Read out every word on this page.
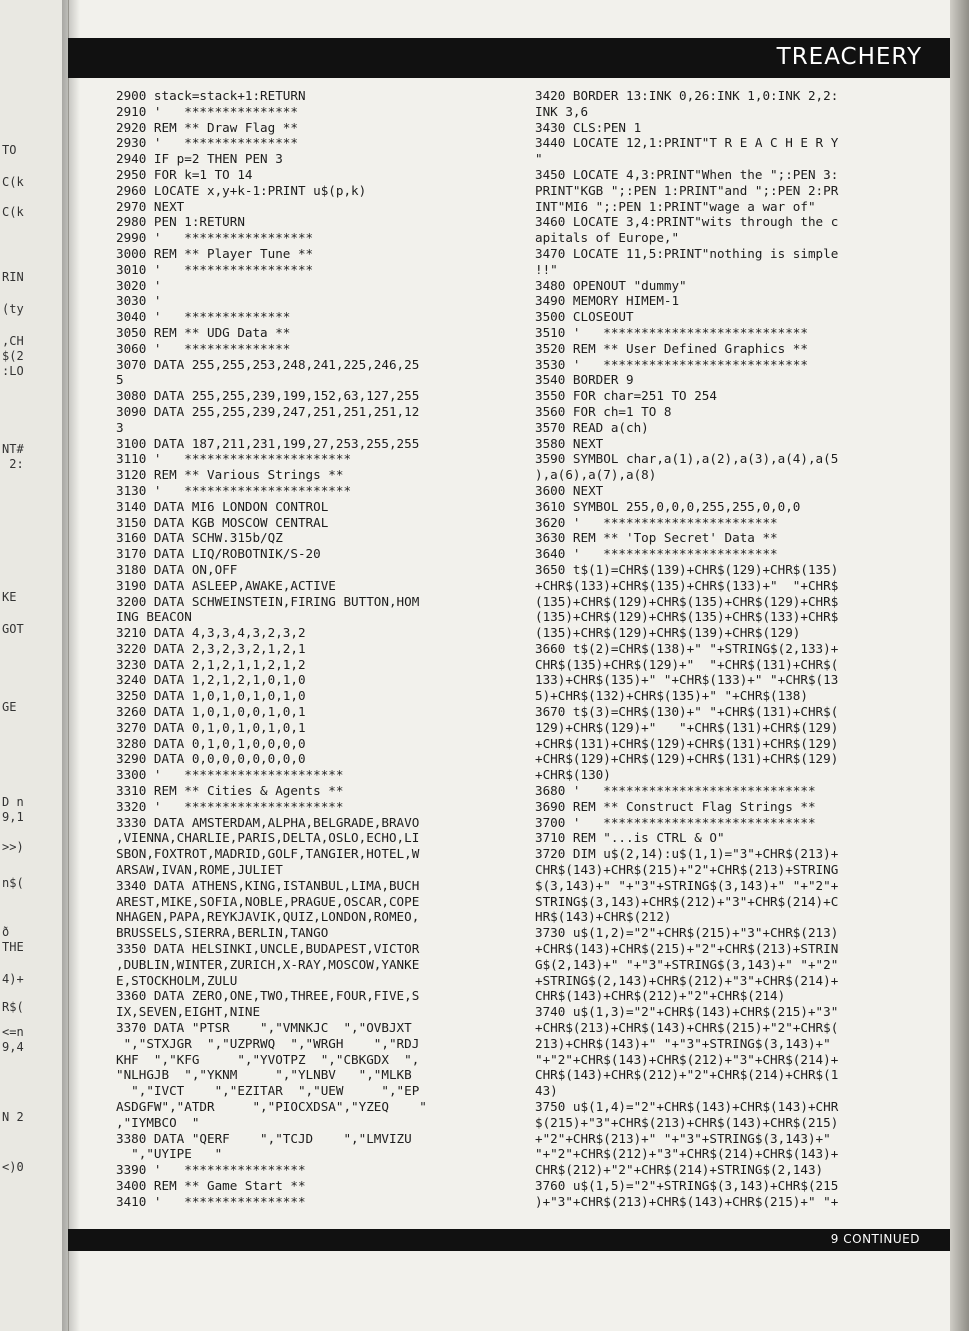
TO
C(k
C(k
RIN
(ty
,CH
$(2
:LO
NT#
2:
KE
GOT
GE
D n
9,1
>>)
n$(
ð
THE
4)+
R$(
<=n
9,4
N 2
<)0
TREACHERY
2900 stack=stack+1:RETURN
2910 '   ***************
2920 REM ** Draw Flag **
2930 '   ***************
2940 IF p=2 THEN PEN 3
2950 FOR k=1 TO 14
2960 LOCATE x,y+k-1:PRINT u$(p,k)
2970 NEXT
2980 PEN 1:RETURN
2990 '   *****************
3000 REM ** Player Tune **
3010 '   *****************
3020 '
3030 '
3040 '   **************
3050 REM ** UDG Data **
3060 '   **************
3070 DATA 255,255,253,248,241,225,246,25
5
3080 DATA 255,255,239,199,152,63,127,255
3090 DATA 255,255,239,247,251,251,251,12
3
3100 DATA 187,211,231,199,27,253,255,255
3110 '   **********************
3120 REM ** Various Strings **
3130 '   **********************
3140 DATA MI6 LONDON CONTROL
3150 DATA KGB MOSCOW CENTRAL
3160 DATA SCHW.315b/QZ
3170 DATA LIQ/ROBOTNIK/S-20
3180 DATA ON,OFF
3190 DATA ASLEEP,AWAKE,ACTIVE
3200 DATA SCHWEINSTEIN,FIRING BUTTON,HOM
ING BEACON
3210 DATA 4,3,3,4,3,2,3,2
3220 DATA 2,3,2,3,2,1,2,1
3230 DATA 2,1,2,1,1,2,1,2
3240 DATA 1,2,1,2,1,0,1,0
3250 DATA 1,0,1,0,1,0,1,0
3260 DATA 1,0,1,0,0,1,0,1
3270 DATA 0,1,0,1,0,1,0,1
3280 DATA 0,1,0,1,0,0,0,0
3290 DATA 0,0,0,0,0,0,0,0
3300 '   *********************
3310 REM ** Cities & Agents **
3320 '   *********************
3330 DATA AMSTERDAM,ALPHA,BELGRADE,BRAVO
,VIENNA,CHARLIE,PARIS,DELTA,OSLO,ECHO,LI
SBON,FOXTROT,MADRID,GOLF,TANGIER,HOTEL,W
ARSAW,IVAN,ROME,JULIET
3340 DATA ATHENS,KING,ISTANBUL,LIMA,BUCH
AREST,MIKE,SOFIA,NOBLE,PRAGUE,OSCAR,COPE
NHAGEN,PAPA,REYKJAVIK,QUIZ,LONDON,ROMEO,
BRUSSELS,SIERRA,BERLIN,TANGO
3350 DATA HELSINKI,UNCLE,BUDAPEST,VICTOR
,DUBLIN,WINTER,ZURICH,X-RAY,MOSCOW,YANKE
E,STOCKHOLM,ZULU
3360 DATA ZERO,ONE,TWO,THREE,FOUR,FIVE,S
IX,SEVEN,EIGHT,NINE
3370 DATA "PTSR    ","VMNKJC  ","OVBJXT
","STXJGR  ","UZPRWQ  ","WRGH    ","RDJ
KHF  ","KFG     ","YVOTPZ  ","CBKGDX  ",
"NLHGJB  ","YKNM     ","YLNBV   ","MLKB
","IVCT    ","EZITAR  ","UEW     ","EP
ASDGFW","ATDR     ","PIOCXDSA","YZEQ    "
,"IYMBCO  "
3380 DATA "QERF    ","TCJD    ","LMVIZU
","UYIPE   "
3390 '   ****************
3400 REM ** Game Start **
3410 '   ****************
3420 BORDER 13:INK 0,26:INK 1,0:INK 2,2:
INK 3,6
3430 CLS:PEN 1
3440 LOCATE 12,1:PRINT"T R E A C H E R Y
"
3450 LOCATE 4,3:PRINT"When the ";:PEN 3:
PRINT"KGB ";:PEN 1:PRINT"and ";:PEN 2:PR
INT"MI6 ";:PEN 1:PRINT"wage a war of"
3460 LOCATE 3,4:PRINT"wits through the c
apitals of Europe,"
3470 LOCATE 11,5:PRINT"nothing is simple
!!"
3480 OPENOUT "dummy"
3490 MEMORY HIMEM-1
3500 CLOSEOUT
3510 '   ***************************
3520 REM ** User Defined Graphics **
3530 '   ***************************
3540 BORDER 9
3550 FOR char=251 TO 254
3560 FOR ch=1 TO 8
3570 READ a(ch)
3580 NEXT
3590 SYMBOL char,a(1),a(2),a(3),a(4),a(5
),a(6),a(7),a(8)
3600 NEXT
3610 SYMBOL 255,0,0,0,255,255,0,0,0
3620 '   ***********************
3630 REM ** 'Top Secret' Data **
3640 '   ***********************
3650 t$(1)=CHR$(139)+CHR$(129)+CHR$(135)
+CHR$(133)+CHR$(135)+CHR$(133)+"  "+CHR$
(135)+CHR$(129)+CHR$(135)+CHR$(129)+CHR$
(135)+CHR$(129)+CHR$(135)+CHR$(133)+CHR$
(135)+CHR$(129)+CHR$(139)+CHR$(129)
3660 t$(2)=CHR$(138)+" "+STRING$(2,133)+
CHR$(135)+CHR$(129)+"  "+CHR$(131)+CHR$(
133)+CHR$(135)+" "+CHR$(133)+" "+CHR$(13
5)+CHR$(132)+CHR$(135)+" "+CHR$(138)
3670 t$(3)=CHR$(130)+" "+CHR$(131)+CHR$(
129)+CHR$(129)+"   "+CHR$(131)+CHR$(129)
+CHR$(131)+CHR$(129)+CHR$(131)+CHR$(129)
+CHR$(129)+CHR$(129)+CHR$(131)+CHR$(129)
+CHR$(130)
3680 '   ****************************
3690 REM ** Construct Flag Strings **
3700 '   ****************************
3710 REM "...is CTRL & O"
3720 DIM u$(2,14):u$(1,1)="3"+CHR$(213)+
CHR$(143)+CHR$(215)+"2"+CHR$(213)+STRING
$(3,143)+" "+"3"+STRING$(3,143)+" "+"2"+
STRING$(3,143)+CHR$(212)+"3"+CHR$(214)+C
HR$(143)+CHR$(212)
3730 u$(1,2)="2"+CHR$(215)+"3"+CHR$(213)
+CHR$(143)+CHR$(215)+"2"+CHR$(213)+STRIN
G$(2,143)+" "+"3"+STRING$(3,143)+" "+"2"
+STRING$(2,143)+CHR$(212)+"3"+CHR$(214)+
CHR$(143)+CHR$(212)+"2"+CHR$(214)
3740 u$(1,3)="2"+CHR$(143)+CHR$(215)+"3"
+CHR$(213)+CHR$(143)+CHR$(215)+"2"+CHR$(
213)+CHR$(143)+" "+"3"+STRING$(3,143)+"
"+"2"+CHR$(143)+CHR$(212)+"3"+CHR$(214)+
CHR$(143)+CHR$(212)+"2"+CHR$(214)+CHR$(1
43)
3750 u$(1,4)="2"+CHR$(143)+CHR$(143)+CHR
$(215)+"3"+CHR$(213)+CHR$(143)+CHR$(215)
+"2"+CHR$(213)+" "+"3"+STRING$(3,143)+"
"+"2"+CHR$(212)+"3"+CHR$(214)+CHR$(143)+
CHR$(212)+"2"+CHR$(214)+STRING$(2,143)
3760 u$(1,5)="2"+STRING$(3,143)+CHR$(215
)+"3"+CHR$(213)+CHR$(143)+CHR$(215)+" "+
9 CONTINUED
